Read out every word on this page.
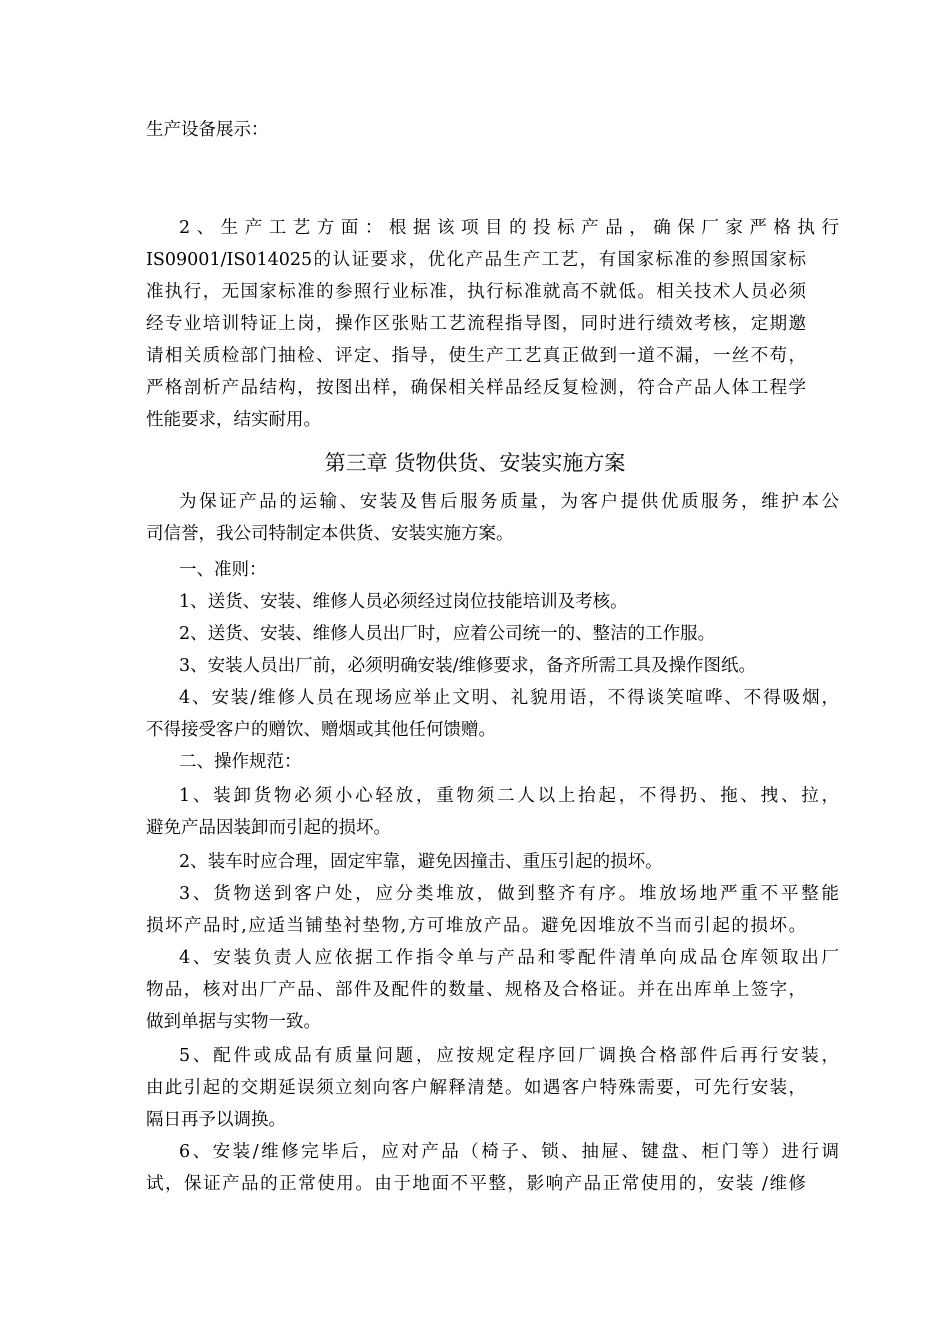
生产设备展示：
2、生产工艺方面：根据该项目的投标产品，确保厂家严格执行
IS09001/IS014025的认证要求，优化产品生产工艺，有国家标准的参照国家标
准执行，无国家标准的参照行业标准，执行标准就高不就低。相关技术人员必须
经专业培训特证上岗，操作区张贴工艺流程指导图，同时进行绩效考核，定期邀
请相关质检部门抽检、评定、指导，使生产工艺真正做到一道不漏，一丝不苟，
严格剖析产品结构，按图出样，确保相关样品经反复检测，符合产品人体工程学
性能要求，结实耐用。
第三章 货物供货、安装实施方案
为保证产品的运输、安装及售后服务质量，为客户提供优质服务，维护本公
司信誉，我公司特制定本供货、安装实施方案。
一、准则：
1、送货、安装、维修人员必须经过岗位技能培训及考核。
2、送货、安装、维修人员出厂时，应着公司统一的、整洁的工作服。
3、安装人员出厂前，必须明确安装/维修要求，备齐所需工具及操作图纸。
4、安装/维修人员在现场应举止文明、礼貌用语，不得谈笑喧哗、不得吸烟，
不得接受客户的赠饮、赠烟或其他任何馈赠。
二、操作规范：
1、装卸货物必须小心轻放，重物须二人以上抬起，不得扔、拖、拽、拉，
避免产品因装卸而引起的损坏。
2、装车时应合理，固定牢靠，避免因撞击、重压引起的损坏。
3、货物送到客户处，应分类堆放，做到整齐有序。堆放场地严重不平整能
损坏产品时,应适当铺垫衬垫物,方可堆放产品。避免因堆放不当而引起的损坏。
4、安装负责人应依据工作指令单与产品和零配件清单向成品仓库领取出厂
物品，核对出厂产品、部件及配件的数量、规格及合格证。并在出库单上签字，
做到单据与实物一致。
5、配件或成品有质量问题，应按规定程序回厂调换合格部件后再行安装，
由此引起的交期延误须立刻向客户解释清楚。如遇客户特殊需要，可先行安装，
隔日再予以调换。
6、安装/维修完毕后，应对产品（椅子、锁、抽屉、键盘、柜门等）进行调
试，保证产品的正常使用。由于地面不平整，影响产品正常使用的，安装 /维修
